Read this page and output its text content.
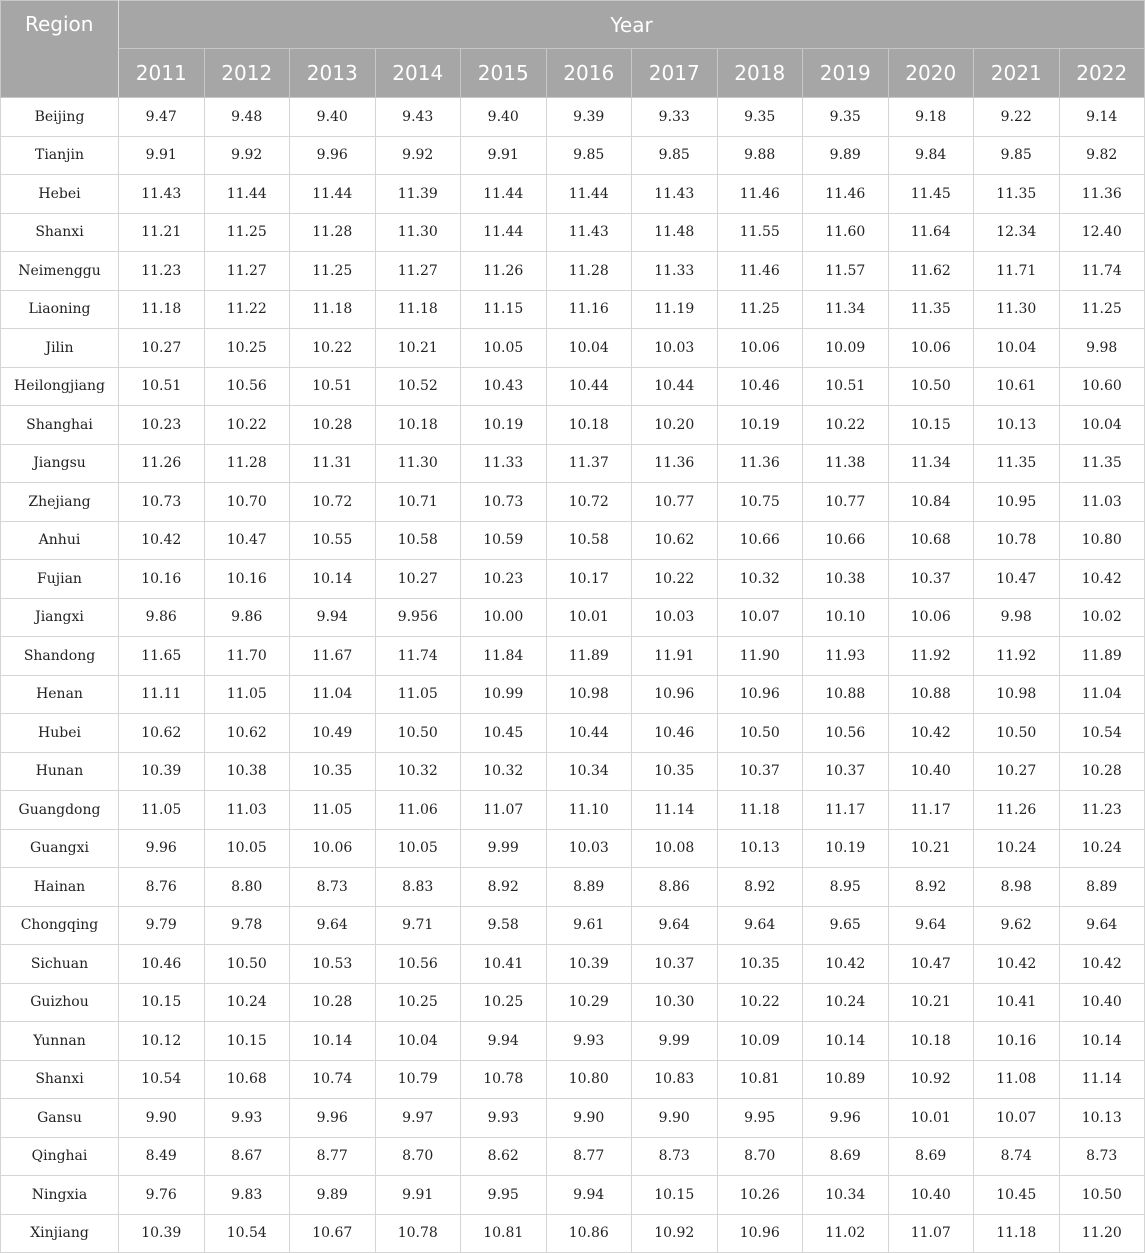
Region	Year											
	2011	2012	2013	2014	2015	2016	2017	2018	2019	2020	2021	2022
Beijing	9.47	9.48	9.40	9.43	9.40	9.39	9.33	9.35	9.35	9.18	9.22	9.14
Tianjin	9.91	9.92	9.96	9.92	9.91	9.85	9.85	9.88	9.89	9.84	9.85	9.82
Hebei	11.43	11.44	11.44	11.39	11.44	11.44	11.43	11.46	11.46	11.45	11.35	11.36
Shanxi	11.21	11.25	11.28	11.30	11.44	11.43	11.48	11.55	11.60	11.64	12.34	12.40
Neimenggu	11.23	11.27	11.25	11.27	11.26	11.28	11.33	11.46	11.57	11.62	11.71	11.74
Liaoning	11.18	11.22	11.18	11.18	11.15	11.16	11.19	11.25	11.34	11.35	11.30	11.25
Jilin	10.27	10.25	10.22	10.21	10.05	10.04	10.03	10.06	10.09	10.06	10.04	9.98
Heilongjiang	10.51	10.56	10.51	10.52	10.43	10.44	10.44	10.46	10.51	10.50	10.61	10.60
Shanghai	10.23	10.22	10.28	10.18	10.19	10.18	10.20	10.19	10.22	10.15	10.13	10.04
Jiangsu	11.26	11.28	11.31	11.30	11.33	11.37	11.36	11.36	11.38	11.34	11.35	11.35
Zhejiang	10.73	10.70	10.72	10.71	10.73	10.72	10.77	10.75	10.77	10.84	10.95	11.03
Anhui	10.42	10.47	10.55	10.58	10.59	10.58	10.62	10.66	10.66	10.68	10.78	10.80
Fujian	10.16	10.16	10.14	10.27	10.23	10.17	10.22	10.32	10.38	10.37	10.47	10.42
Jiangxi	9.86	9.86	9.94	9.956	10.00	10.01	10.03	10.07	10.10	10.06	9.98	10.02
Shandong	11.65	11.70	11.67	11.74	11.84	11.89	11.91	11.90	11.93	11.92	11.92	11.89
Henan	11.11	11.05	11.04	11.05	10.99	10.98	10.96	10.96	10.88	10.88	10.98	11.04
Hubei	10.62	10.62	10.49	10.50	10.45	10.44	10.46	10.50	10.56	10.42	10.50	10.54
Hunan	10.39	10.38	10.35	10.32	10.32	10.34	10.35	10.37	10.37	10.40	10.27	10.28
Guangdong	11.05	11.03	11.05	11.06	11.07	11.10	11.14	11.18	11.17	11.17	11.26	11.23
Guangxi	9.96	10.05	10.06	10.05	9.99	10.03	10.08	10.13	10.19	10.21	10.24	10.24
Hainan	8.76	8.80	8.73	8.83	8.92	8.89	8.86	8.92	8.95	8.92	8.98	8.89
Chongqing	9.79	9.78	9.64	9.71	9.58	9.61	9.64	9.64	9.65	9.64	9.62	9.64
Sichuan	10.46	10.50	10.53	10.56	10.41	10.39	10.37	10.35	10.42	10.47	10.42	10.42
Guizhou	10.15	10.24	10.28	10.25	10.25	10.29	10.30	10.22	10.24	10.21	10.41	10.40
Yunnan	10.12	10.15	10.14	10.04	9.94	9.93	9.99	10.09	10.14	10.18	10.16	10.14
Shanxi	10.54	10.68	10.74	10.79	10.78	10.80	10.83	10.81	10.89	10.92	11.08	11.14
Gansu	9.90	9.93	9.96	9.97	9.93	9.90	9.90	9.95	9.96	10.01	10.07	10.13
Qinghai	8.49	8.67	8.77	8.70	8.62	8.77	8.73	8.70	8.69	8.69	8.74	8.73
Ningxia	9.76	9.83	9.89	9.91	9.95	9.94	10.15	10.26	10.34	10.40	10.45	10.50
Xinjiang	10.39	10.54	10.67	10.78	10.81	10.86	10.92	10.96	11.02	11.07	11.18	11.20
